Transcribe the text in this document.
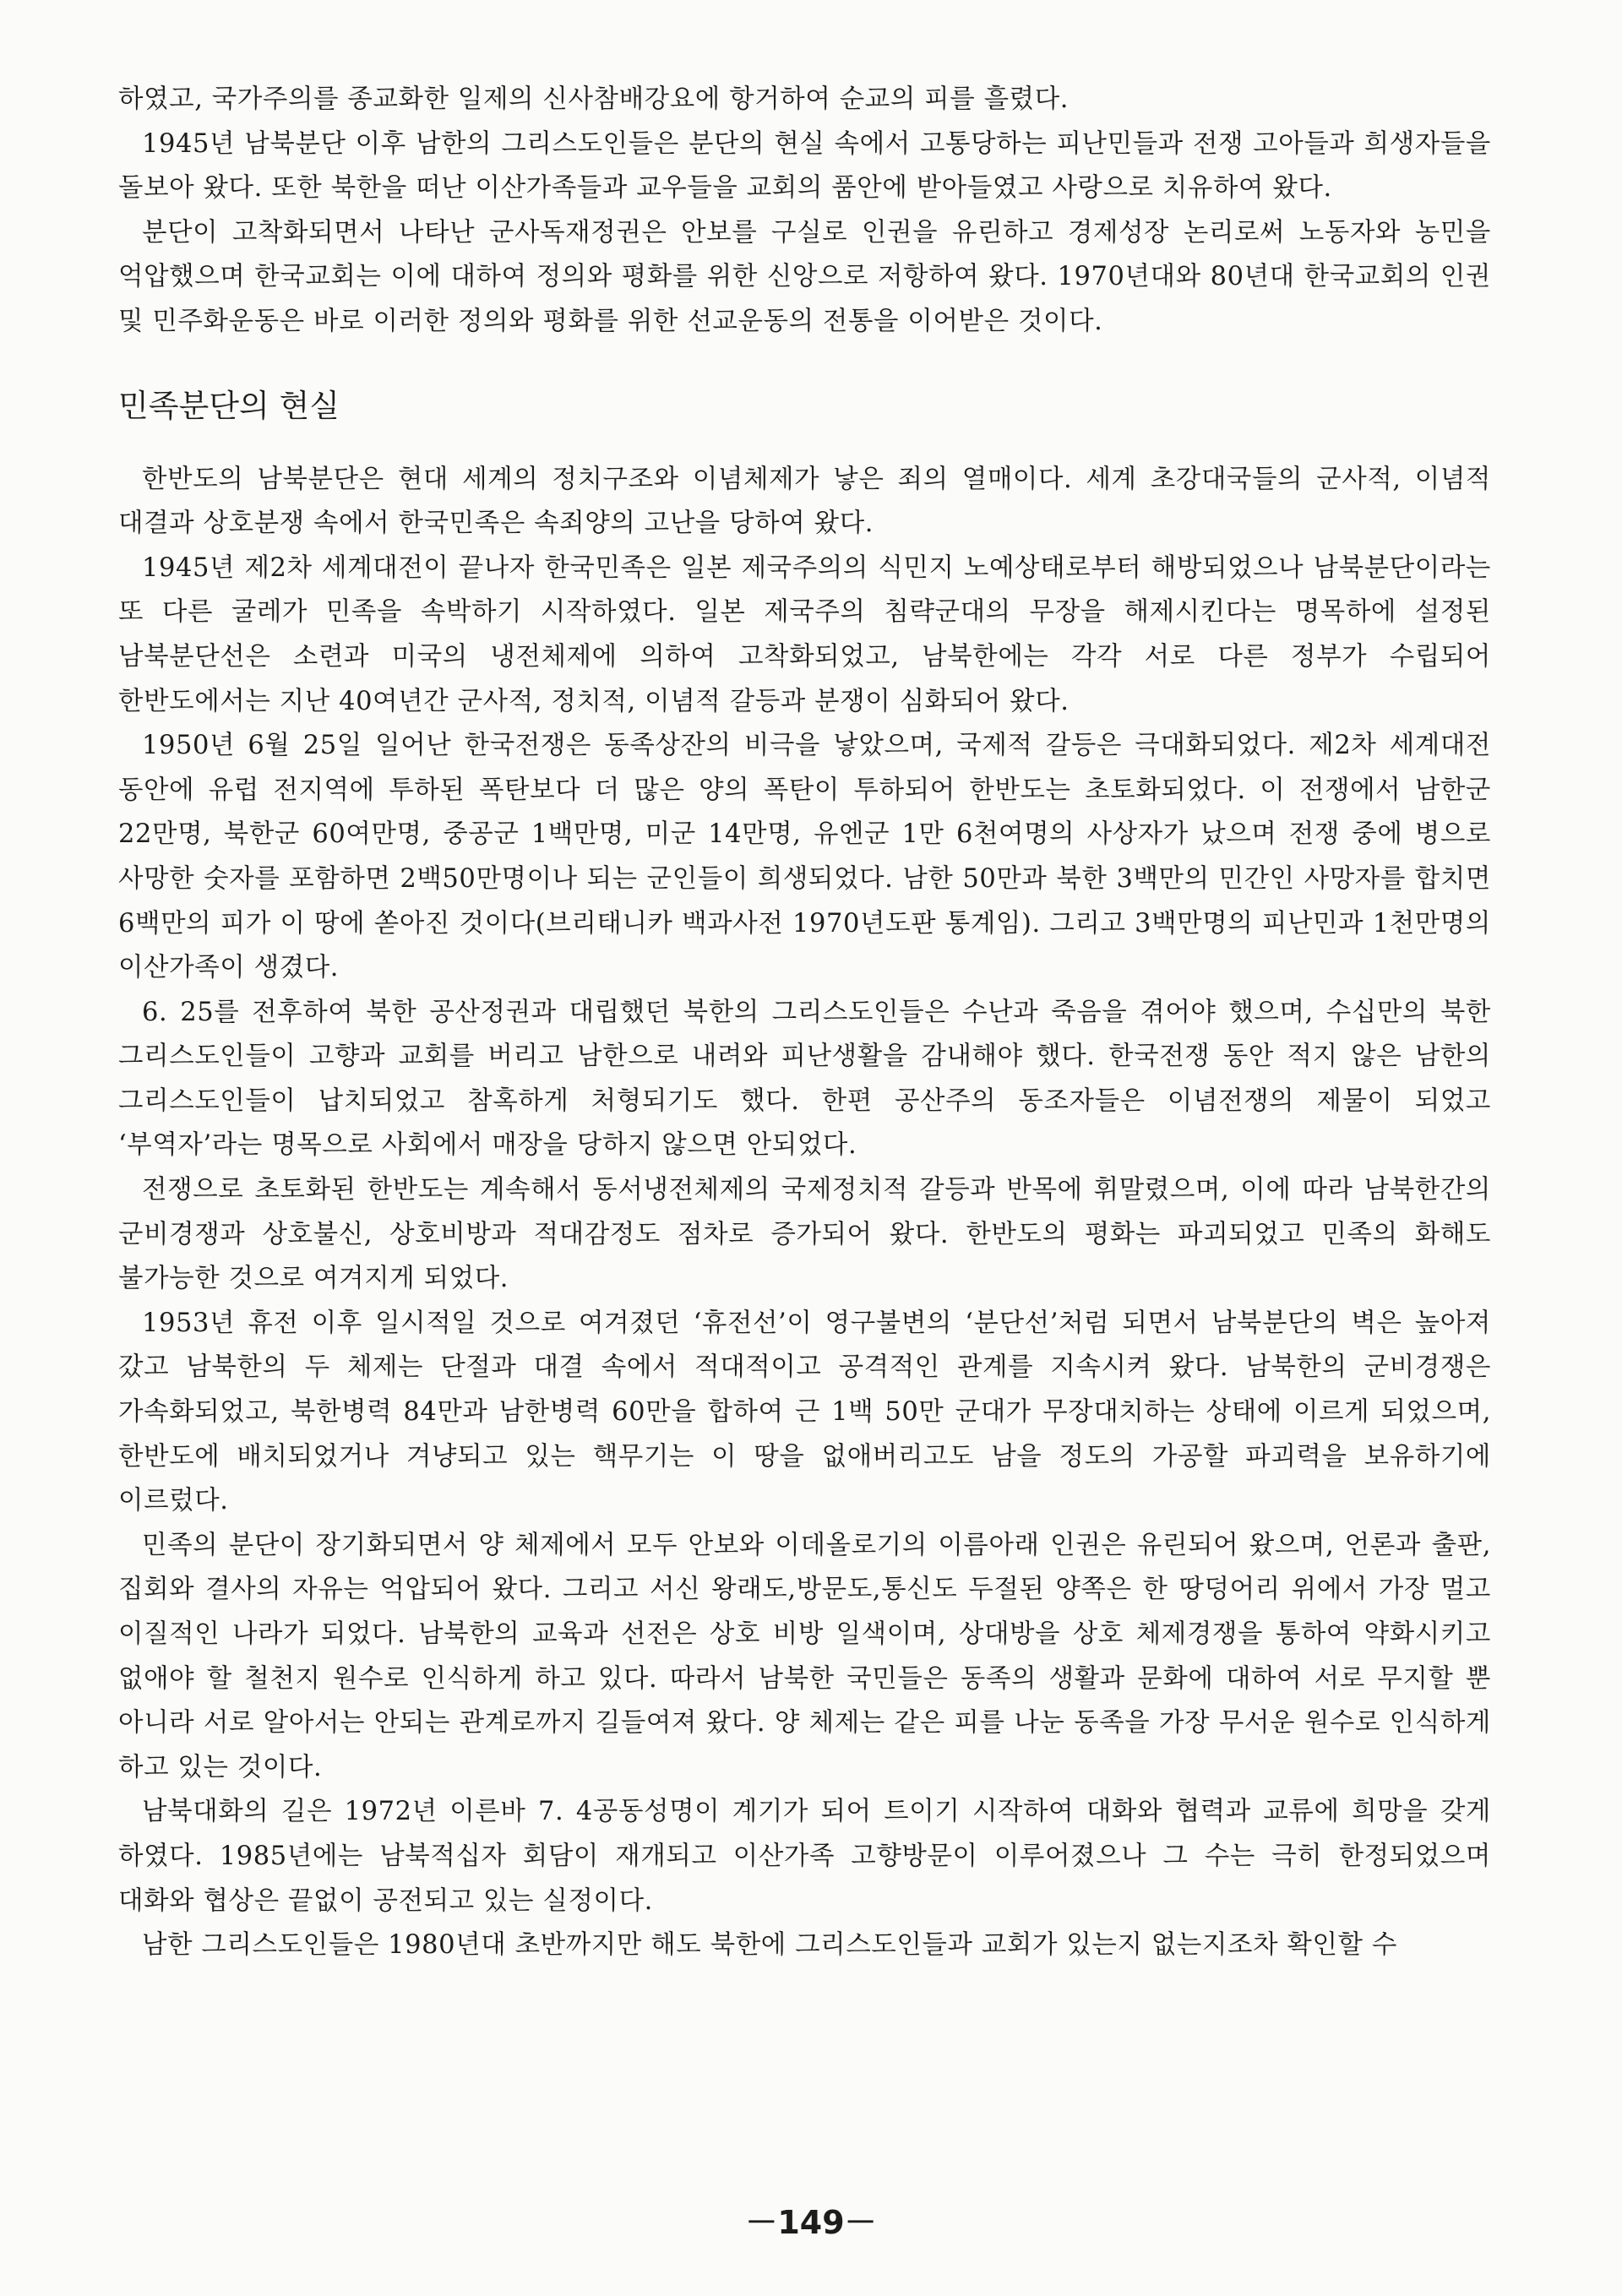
하였고, 국가주의를 종교화한 일제의 신사참배강요에 항거하여 순교의 피를 흘렸다.

1945년 남북분단 이후 남한의 그리스도인들은 분단의 현실 속에서 고통당하는 피난민들과 전쟁 고아들과 희생자들을 돌보아 왔다. 또한 북한을 떠난 이산가족들과 교우들을 교회의 품안에 받아들였고 사랑으로 치유하여 왔다.

분단이 고착화되면서 나타난 군사독재정권은 안보를 구실로 인권을 유린하고 경제성장 논리로써 노동자와 농민을 억압했으며 한국교회는 이에 대하여 정의와 평화를 위한 신앙으로 저항하여 왔다. 1970년대와 80년대 한국교회의 인권 및 민주화운동은 바로 이러한 정의와 평화를 위한 선교운동의 전통을 이어받은 것이다.

민족분단의 현실

한반도의 남북분단은 현대 세계의 정치구조와 이념체제가 낳은 죄의 열매이다. 세계 초강대국들의 군사적, 이념적 대결과 상호분쟁 속에서 한국민족은 속죄양의 고난을 당하여 왔다.

1945년 제2차 세계대전이 끝나자 한국민족은 일본 제국주의의 식민지 노예상태로부터 해방되었으나 남북분단이라는 또 다른 굴레가 민족을 속박하기 시작하였다. 일본 제국주의 침략군대의 무장을 해제시킨다는 명목하에 설정된 남북분단선은 소련과 미국의 냉전체제에 의하여 고착화되었고, 남북한에는 각각 서로 다른 정부가 수립되어 한반도에서는 지난 40여년간 군사적, 정치적, 이념적 갈등과 분쟁이 심화되어 왔다.

1950년 6월 25일 일어난 한국전쟁은 동족상잔의 비극을 낳았으며, 국제적 갈등은 극대화되었다. 제2차 세계대전 동안에 유럽 전지역에 투하된 폭탄보다 더 많은 양의 폭탄이 투하되어 한반도는 초토화되었다. 이 전쟁에서 남한군 22만명, 북한군 60여만명, 중공군 1백만명, 미군 14만명, 유엔군 1만 6천여명의 사상자가 났으며 전쟁 중에 병으로 사망한 숫자를 포함하면 2백50만명이나 되는 군인들이 희생되었다. 남한 50만과 북한 3백만의 민간인 사망자를 합치면 6백만의 피가 이 땅에 쏟아진 것이다(브리태니카 백과사전 1970년도판 통계임). 그리고 3백만명의 피난민과 1천만명의 이산가족이 생겼다.

6. 25를 전후하여 북한 공산정권과 대립했던 북한의 그리스도인들은 수난과 죽음을 겪어야 했으며, 수십만의 북한 그리스도인들이 고향과 교회를 버리고 남한으로 내려와 피난생활을 감내해야 했다. 한국전쟁 동안 적지 않은 남한의 그리스도인들이 납치되었고 참혹하게 처형되기도 했다. 한편 공산주의 동조자들은 이념전쟁의 제물이 되었고 ‘부역자’라는 명목으로 사회에서 매장을 당하지 않으면 안되었다.

전쟁으로 초토화된 한반도는 계속해서 동서냉전체제의 국제정치적 갈등과 반목에 휘말렸으며, 이에 따라 남북한간의 군비경쟁과 상호불신, 상호비방과 적대감정도 점차로 증가되어 왔다. 한반도의 평화는 파괴되었고 민족의 화해도 불가능한 것으로 여겨지게 되었다.

1953년 휴전 이후 일시적일 것으로 여겨졌던 ‘휴전선’이 영구불변의 ‘분단선’처럼 되면서 남북분단의 벽은 높아져 갔고 남북한의 두 체제는 단절과 대결 속에서 적대적이고 공격적인 관계를 지속시켜 왔다. 남북한의 군비경쟁은 가속화되었고, 북한병력 84만과 남한병력 60만을 합하여 근 1백 50만 군대가 무장대치하는 상태에 이르게 되었으며, 한반도에 배치되었거나 겨냥되고 있는 핵무기는 이 땅을 없애버리고도 남을 정도의 가공할 파괴력을 보유하기에 이르렀다.

민족의 분단이 장기화되면서 양 체제에서 모두 안보와 이데올로기의 이름아래 인권은 유린되어 왔으며, 언론과 출판, 집회와 결사의 자유는 억압되어 왔다. 그리고 서신 왕래도,방문도,통신도 두절된 양쪽은 한 땅덩어리 위에서 가장 멀고 이질적인 나라가 되었다. 남북한의 교육과 선전은 상호 비방 일색이며, 상대방을 상호 체제경쟁을 통하여 약화시키고 없애야 할 철천지 원수로 인식하게 하고 있다. 따라서 남북한 국민들은 동족의 생활과 문화에 대하여 서로 무지할 뿐 아니라 서로 알아서는 안되는 관계로까지 길들여져 왔다. 양 체제는 같은 피를 나눈 동족을 가장 무서운 원수로 인식하게 하고 있는 것이다.

남북대화의 길은 1972년 이른바 7. 4공동성명이 계기가 되어 트이기 시작하여 대화와 협력과 교류에 희망을 갖게 하였다. 1985년에는 남북적십자 회담이 재개되고 이산가족 고향방문이 이루어졌으나 그 수는 극히 한정되었으며 대화와 협상은 끝없이 공전되고 있는 실정이다.

남한 그리스도인들은 1980년대 초반까지만 해도 북한에 그리스도인들과 교회가 있는지 없는지조차 확인할 수

－149－
